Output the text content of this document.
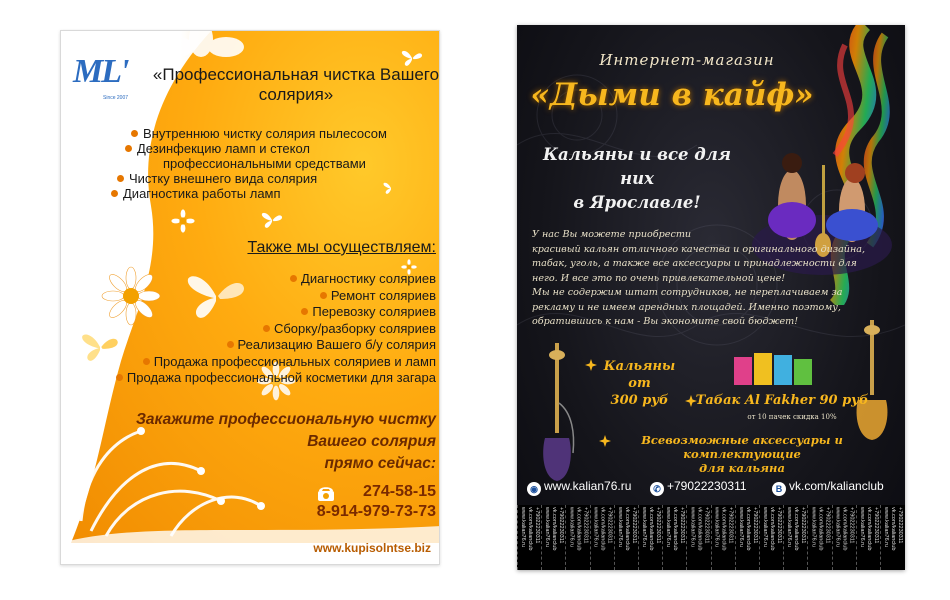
ML'
Since 2007
«Профессиональная чистка Вашего солярия»
Внутреннюю чистку солярия пылесосом
Дезинфекцию ламп и стекол
профессиональными средствами
Чистку внешнего вида солярия
Диагностика работы ламп
Также мы осуществляем:
Диагностику соляриев
Ремонт соляриев
Перевозку соляриев
Сборку/разборку соляриев
Реализацию Вашего б/у солярия
Продажа профессиональных соляриев и ламп
Продажа профессиональной косметики для загара
Закажите профессиональную чистку
Вашего солярия
прямо сейчас:
274-58-15
8-914-979-73-73
www.kupisolntse.biz
Интернет-магазин
«Дыми в кайф»
Кальяны и все для них
в Ярославле!

У нас Вы можете приобрести

красивый кальян отличного качества и оригинального дизайна,

табак, уголь, а также все аксессуары и принадлежности для

него. И все это по очень привлекательной цене!

Мы не содержим штат сотрудников, не переплачиваем за

рекламу и не имеем арендных площадей. Именно поэтому,

обратившись к нам - Вы экономите свой бюджет!

Кальяны от
300 руб	Табак Al Fakher 90 руб
от 10 пачек скидка 10%
Всевозможные аксессуары и комплектующие
для кальяна
◉ www.kalian76.ru	✆ +79022230311	B vk.com/kalianclub
www.kalian76.ru vk.com/kalianclub +79022230311 www.kalian76.ru vk.com/kalianclub +79022230311 www.kalian76.ru vk.com/kalianclub +79022230311 www.kalian76.ru vk.com/kalianclub +79022230311 www.kalian76.ru vk.com/kalianclub +79022230311 www.kalian76.ru vk.com/kalianclub +79022230311 www.kalian76.ru vk.com/kalianclub +79022230311 www.kalian76.ru vk.com/kalianclub +79022230311 www.kalian76.ru vk.com/kalianclub +79022230311 www.kalian76.ru vk.com/kalianclub +79022230311 www.kalian76.ru vk.com/kalianclub +79022230311 www.kalian76.ru vk.com/kalianclub +79022230311 www.kalian76.ru vk.com/kalianclub +79022230311 www.kalian76.ru vk.com/kalianclub +79022230311 www.kalian76.ru vk.com/kalianclub +79022230311 www.kalian76.ru vk.com/kalianclub +79022230311
